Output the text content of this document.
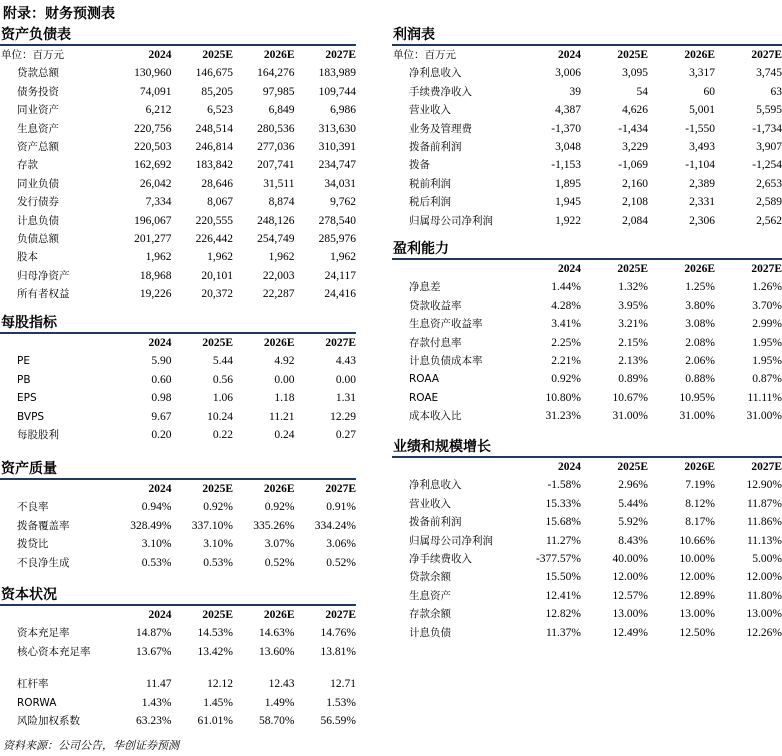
附录：财务预测表
资产负债表
单位：百万元	2024	2025E	2026E	2027E
贷款总额	130,960	146,675	164,276	183,989
债务投资	74,091	85,205	97,985	109,744
同业资产	6,212	6,523	6,849	6,986
生息资产	220,756	248,514	280,536	313,630
资产总额	220,503	246,814	277,036	310,391
存款	162,692	183,842	207,741	234,747
同业负债	26,042	28,646	31,511	34,031
发行债券	7,334	8,067	8,874	9,762
计息负债	196,067	220,555	248,126	278,540
负债总额	201,277	226,442	254,749	285,976
股本	1,962	1,962	1,962	1,962
归母净资产	18,968	20,101	22,003	24,117
所有者权益	19,226	20,372	22,287	24,416
每股指标
	2024	2025E	2026E	2027E
PE	5.90	5.44	4.92	4.43
PB	0.60	0.56	0.00	0.00
EPS	0.98	1.06	1.18	1.31
BVPS	9.67	10.24	11.21	12.29
每股股利	0.20	0.22	0.24	0.27
资产质量
	2024	2025E	2026E	2027E
不良率	0.94%	0.92%	0.92%	0.91%
拨备覆盖率	328.49%	337.10%	335.26%	334.24%
拨贷比	3.10%	3.10%	3.07%	3.06%
不良净生成	0.53%	0.53%	0.52%	0.52%
资本状况
	2024	2025E	2026E	2027E
资本充足率	14.87%	14.53%	14.63%	14.76%
核心资本充足率	13.67%	13.42%	13.60%	13.81%

杠杆率	11.47	12.12	12.43	12.71
RORWA	1.43%	1.45%	1.49%	1.53%
风险加权系数	63.23%	61.01%	58.70%	56.59%
利润表
单位：百万元	2024	2025E	2026E	2027E
净利息收入	3,006	3,095	3,317	3,745
手续费净收入	39	54	60	63
营业收入	4,387	4,626	5,001	5,595
业务及管理费	-1,370	-1,434	-1,550	-1,734
拨备前利润	3,048	3,229	3,493	3,907
拨备	-1,153	-1,069	-1,104	-1,254
税前利润	1,895	2,160	2,389	2,653
税后利润	1,945	2,108	2,331	2,589
归属母公司净利润	1,922	2,084	2,306	2,562
盈利能力
	2024	2025E	2026E	2027E
净息差	1.44%	1.32%	1.25%	1.26%
贷款收益率	4.28%	3.95%	3.80%	3.70%
生息资产收益率	3.41%	3.21%	3.08%	2.99%
存款付息率	2.25%	2.15%	2.08%	1.95%
计息负债成本率	2.21%	2.13%	2.06%	1.95%
ROAA	0.92%	0.89%	0.88%	0.87%
ROAE	10.80%	10.67%	10.95%	11.11%
成本收入比	31.23%	31.00%	31.00%	31.00%
业绩和规模增长
	2024	2025E	2026E	2027E
净利息收入	-1.58%	2.96%	7.19%	12.90%
营业收入	15.33%	5.44%	8.12%	11.87%
拨备前利润	15.68%	5.92%	8.17%	11.86%
归属母公司净利润	11.27%	8.43%	10.66%	11.13%
净手续费收入	-377.57%	40.00%	10.00%	5.00%
贷款余额	15.50%	12.00%	12.00%	12.00%
生息资产	12.41%	12.57%	12.89%	11.80%
存款余额	12.82%	13.00%	13.00%	13.00%
计息负债	11.37%	12.49%	12.50%	12.26%
资料来源：公司公告，华创证券预测
